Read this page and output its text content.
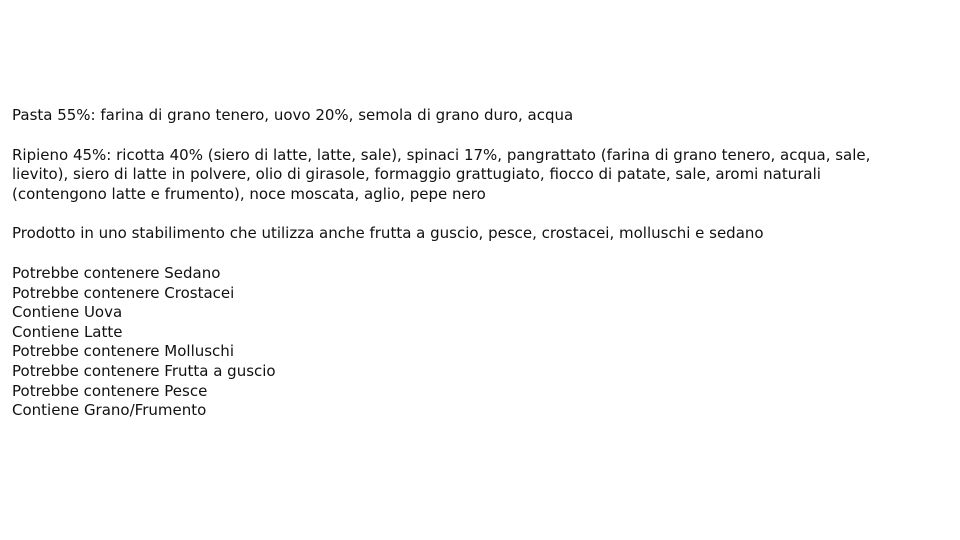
Pasta 55%: farina di grano tenero, uovo 20%, semola di grano duro, acqua

Ripieno 45%: ricotta 40% (siero di latte, latte, sale), spinaci 17%, pangrattato (farina di grano tenero, acqua, sale,
lievito), siero di latte in polvere, olio di girasole, formaggio grattugiato, fiocco di patate, sale, aromi naturali
(contengono latte e frumento), noce moscata, aglio, pepe nero

Prodotto in uno stabilimento che utilizza anche frutta a guscio, pesce, crostacei, molluschi e sedano

Potrebbe contenere Sedano
Potrebbe contenere Crostacei
Contiene Uova
Contiene Latte
Potrebbe contenere Molluschi
Potrebbe contenere Frutta a guscio
Potrebbe contenere Pesce
Contiene Grano/Frumento
